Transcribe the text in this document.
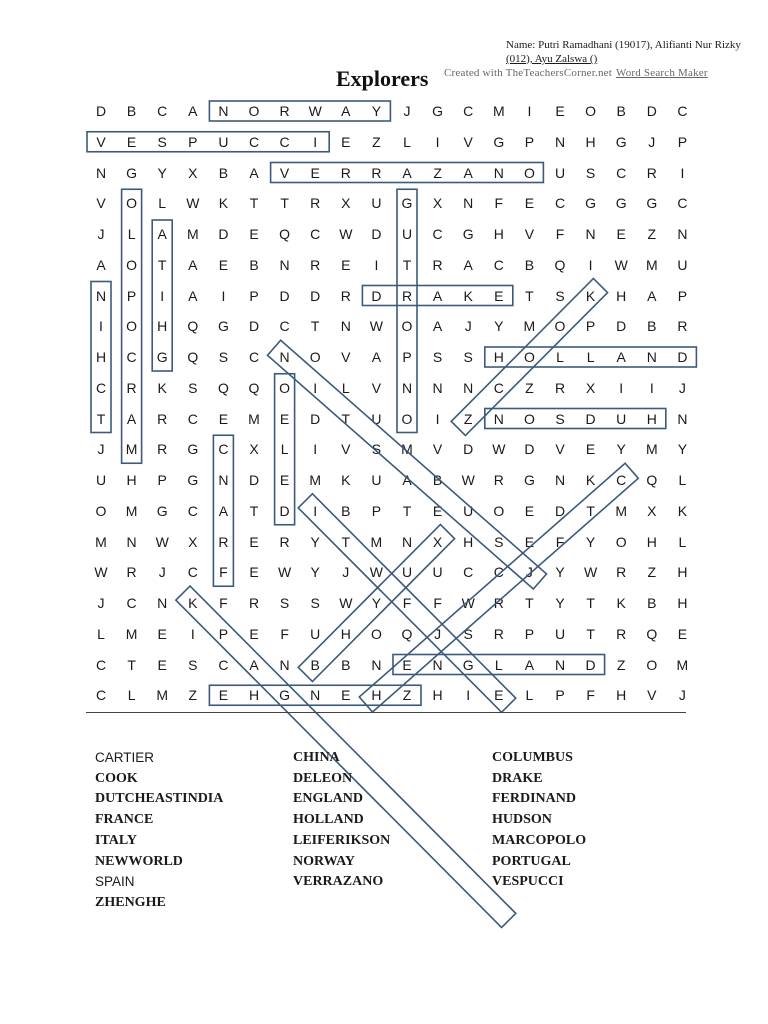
Name: Putri Ramadhani (19017), Alifianti Nur Rizky
(012), Ayu Zalswa ()
Explorers Created with TheTeachersCorner.net Word Search Maker
D	B	C	A	N	O	R	W	A	Y	J	G	C	M	I	E	O	B	D	C
V	E	S	P	U	C	C	I	E	Z	L	I	V	G	P	N	H	G	J	P
N	G	Y	X	B	A	V	E	R	R	A	Z	A	N	O	U	S	C	R	I
V	O	L	W	K	T	T	R	X	U	G	X	N	F	E	C	G	G	G	C
J	L	A	M	D	E	Q	C	W	D	U	C	G	H	V	F	N	E	Z	N
A	O	T	A	E	B	N	R	E	I	T	R	A	C	B	Q	I	W	M	U
N	P	I	A	I	P	D	D	R	D	R	A	K	E	T	S	K	H	A	P
I	O	H	Q	G	D	C	T	N	W	O	A	J	Y	M	O	P	D	B	R
H	C	G	Q	S	C	N	O	V	A	P	S	S	H	O	L	L	A	N	D
C	R	K	S	Q	Q	O	I	L	V	N	N	N	C	Z	R	X	I	I	J
T	A	R	C	E	M	E	D	T	U	O	I	Z	N	O	S	D	U	H	N
J	M	R	G	C	X	L	I	V	S	M	V	D	W	D	V	E	Y	M	Y
U	H	P	G	N	D	E	M	K	U	A	B	W	R	G	N	K	C	Q	L
O	M	G	C	A	T	D	I	B	P	T	E	U	O	E	D	T	M	X	K
M	N	W	X	R	E	R	Y	T	M	N	X	H	S	E	F	Y	O	H	L
W	R	J	C	F	E	W	Y	J	W	U	U	C	C	J	Y	W	R	Z	H
J	C	N	K	F	R	S	S	W	Y	F	F	W	R	T	Y	T	K	B	H
L	M	E	I	P	E	F	U	H	O	Q	J	S	R	P	U	T	R	Q	E
C	T	E	S	C	A	N	B	B	N	E	N	G	L	A	N	D	Z	O	M
C	L	M	Z	E	H	G	N	E	H	Z	H	I	E	L	P	F	H	V	J
CARTIER	CHINA	COLUMBUS
COOK	DELEON	DRAKE
DUTCHEASTINDIA	ENGLAND	FERDINAND
FRANCE	HOLLAND	HUDSON
ITALY	LEIFERIKSON	MARCOPOLO
NEWWORLD	NORWAY	PORTUGAL
SPAIN	VERRAZANO	VESPUCCI
ZHENGHE
